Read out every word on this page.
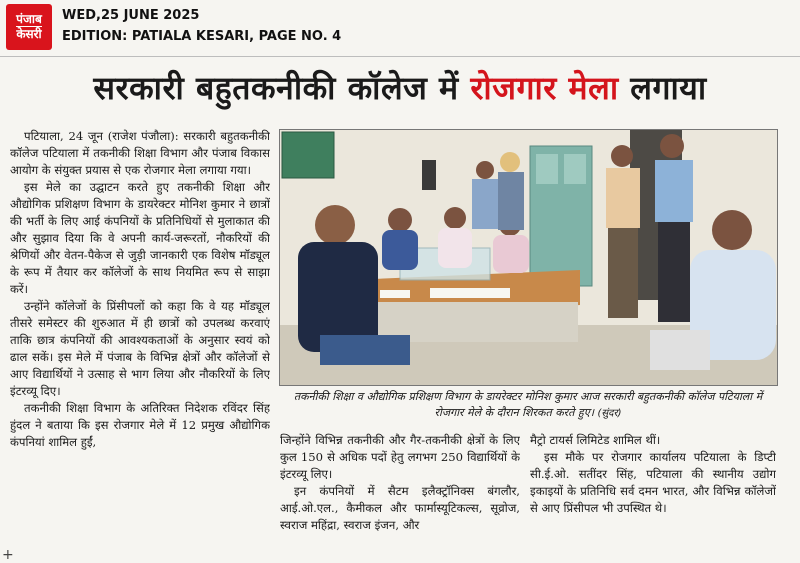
पंजाब
केसरी
WED,25 JUNE 2025
EDITION: PATIALA KESARI, PAGE NO. 4
सरकारी बहुतकनीकी कॉलेज में रोजगार मेला लगाया

पटियाला, 24 जून (राजेश पंजौला): सरकारी बहुतकनीकी कॉलेज पटियाला में तकनीकी शिक्षा विभाग और पंजाब विकास आयोग के संयुक्त प्रयास से एक रोजगार मेला लगाया गया।

इस मेले का उद्घाटन करते हुए तकनीकी शिक्षा और औद्योगिक प्रशिक्षण विभाग के डायरेक्टर मोनिश कुमार ने छात्रों की भर्ती के लिए आई कंपनियों के प्रतिनिधियों से मुलाकात की और सुझाव दिया कि वे अपनी कार्य-जरूरतों, नौकरियों की श्रेणियों और वेतन-पैकेज से जुड़ी जानकारी एक विशेष मॉड्यूल के रूप में तैयार कर कॉलेजों के साथ नियमित रूप से साझा करें।

उन्होंने कॉलेजों के प्रिंसीपलों को कहा कि वे यह मॉड्यूल तीसरे समेस्टर की शुरुआत में ही छात्रों को उपलब्ध करवाएं ताकि छात्र कंपनियों की आवश्यकताओं के अनुसार स्वयं को ढाल सकें। इस मेले में पंजाब के विभिन्न क्षेत्रों और कॉलेजों से आए विद्यार्थियों ने उत्साह से भाग लिया और नौकरियों के लिए इंटरव्यू दिए।

तकनीकी शिक्षा विभाग के अतिरिक्त निदेशक रविंदर सिंह हुंदल ने बताया कि इस रोजगार मेले में 12 प्रमुख औद्योगिक कंपनियां शामिल हुईं,

तकनीकी शिक्षा व औद्योगिक प्रशिक्षण विभाग के डायरेक्टर मोनिश कुमार आज सरकारी बहुतकनीकी कॉलेज पटियाला में रोजगार मेले के दौरान शिरकत करते हुए। (सुंदर)

जिन्होंने विभिन्न तकनीकी और गैर-तकनीकी क्षेत्रों के लिए कुल 150 से अधिक पदों हेतु लगभग 250 विद्यार्थियों के इंटरव्यू लिए।

इन कंपनियों में सैटम इलैक्ट्रॉनिक्स बंगलौर, आई.ओ.एल., कैमीकल और फार्मास्यूटिकल्स, सूव्रोज, स्वराज महिंद्रा, स्वराज इंजन, और

मैट्रो टायर्स लिमिटेड शामिल थीं।

इस मौके पर रोजगार कार्यालय पटियाला के डिप्टी सी.ई.ओ. सतींदर सिंह, पटियाला की स्थानीय उद्योग इकाइयों के प्रतिनिधि सर्व दमन भारत, और विभिन्न कॉलेजों से आए प्रिंसीपल भी उपस्थित थे।

+
